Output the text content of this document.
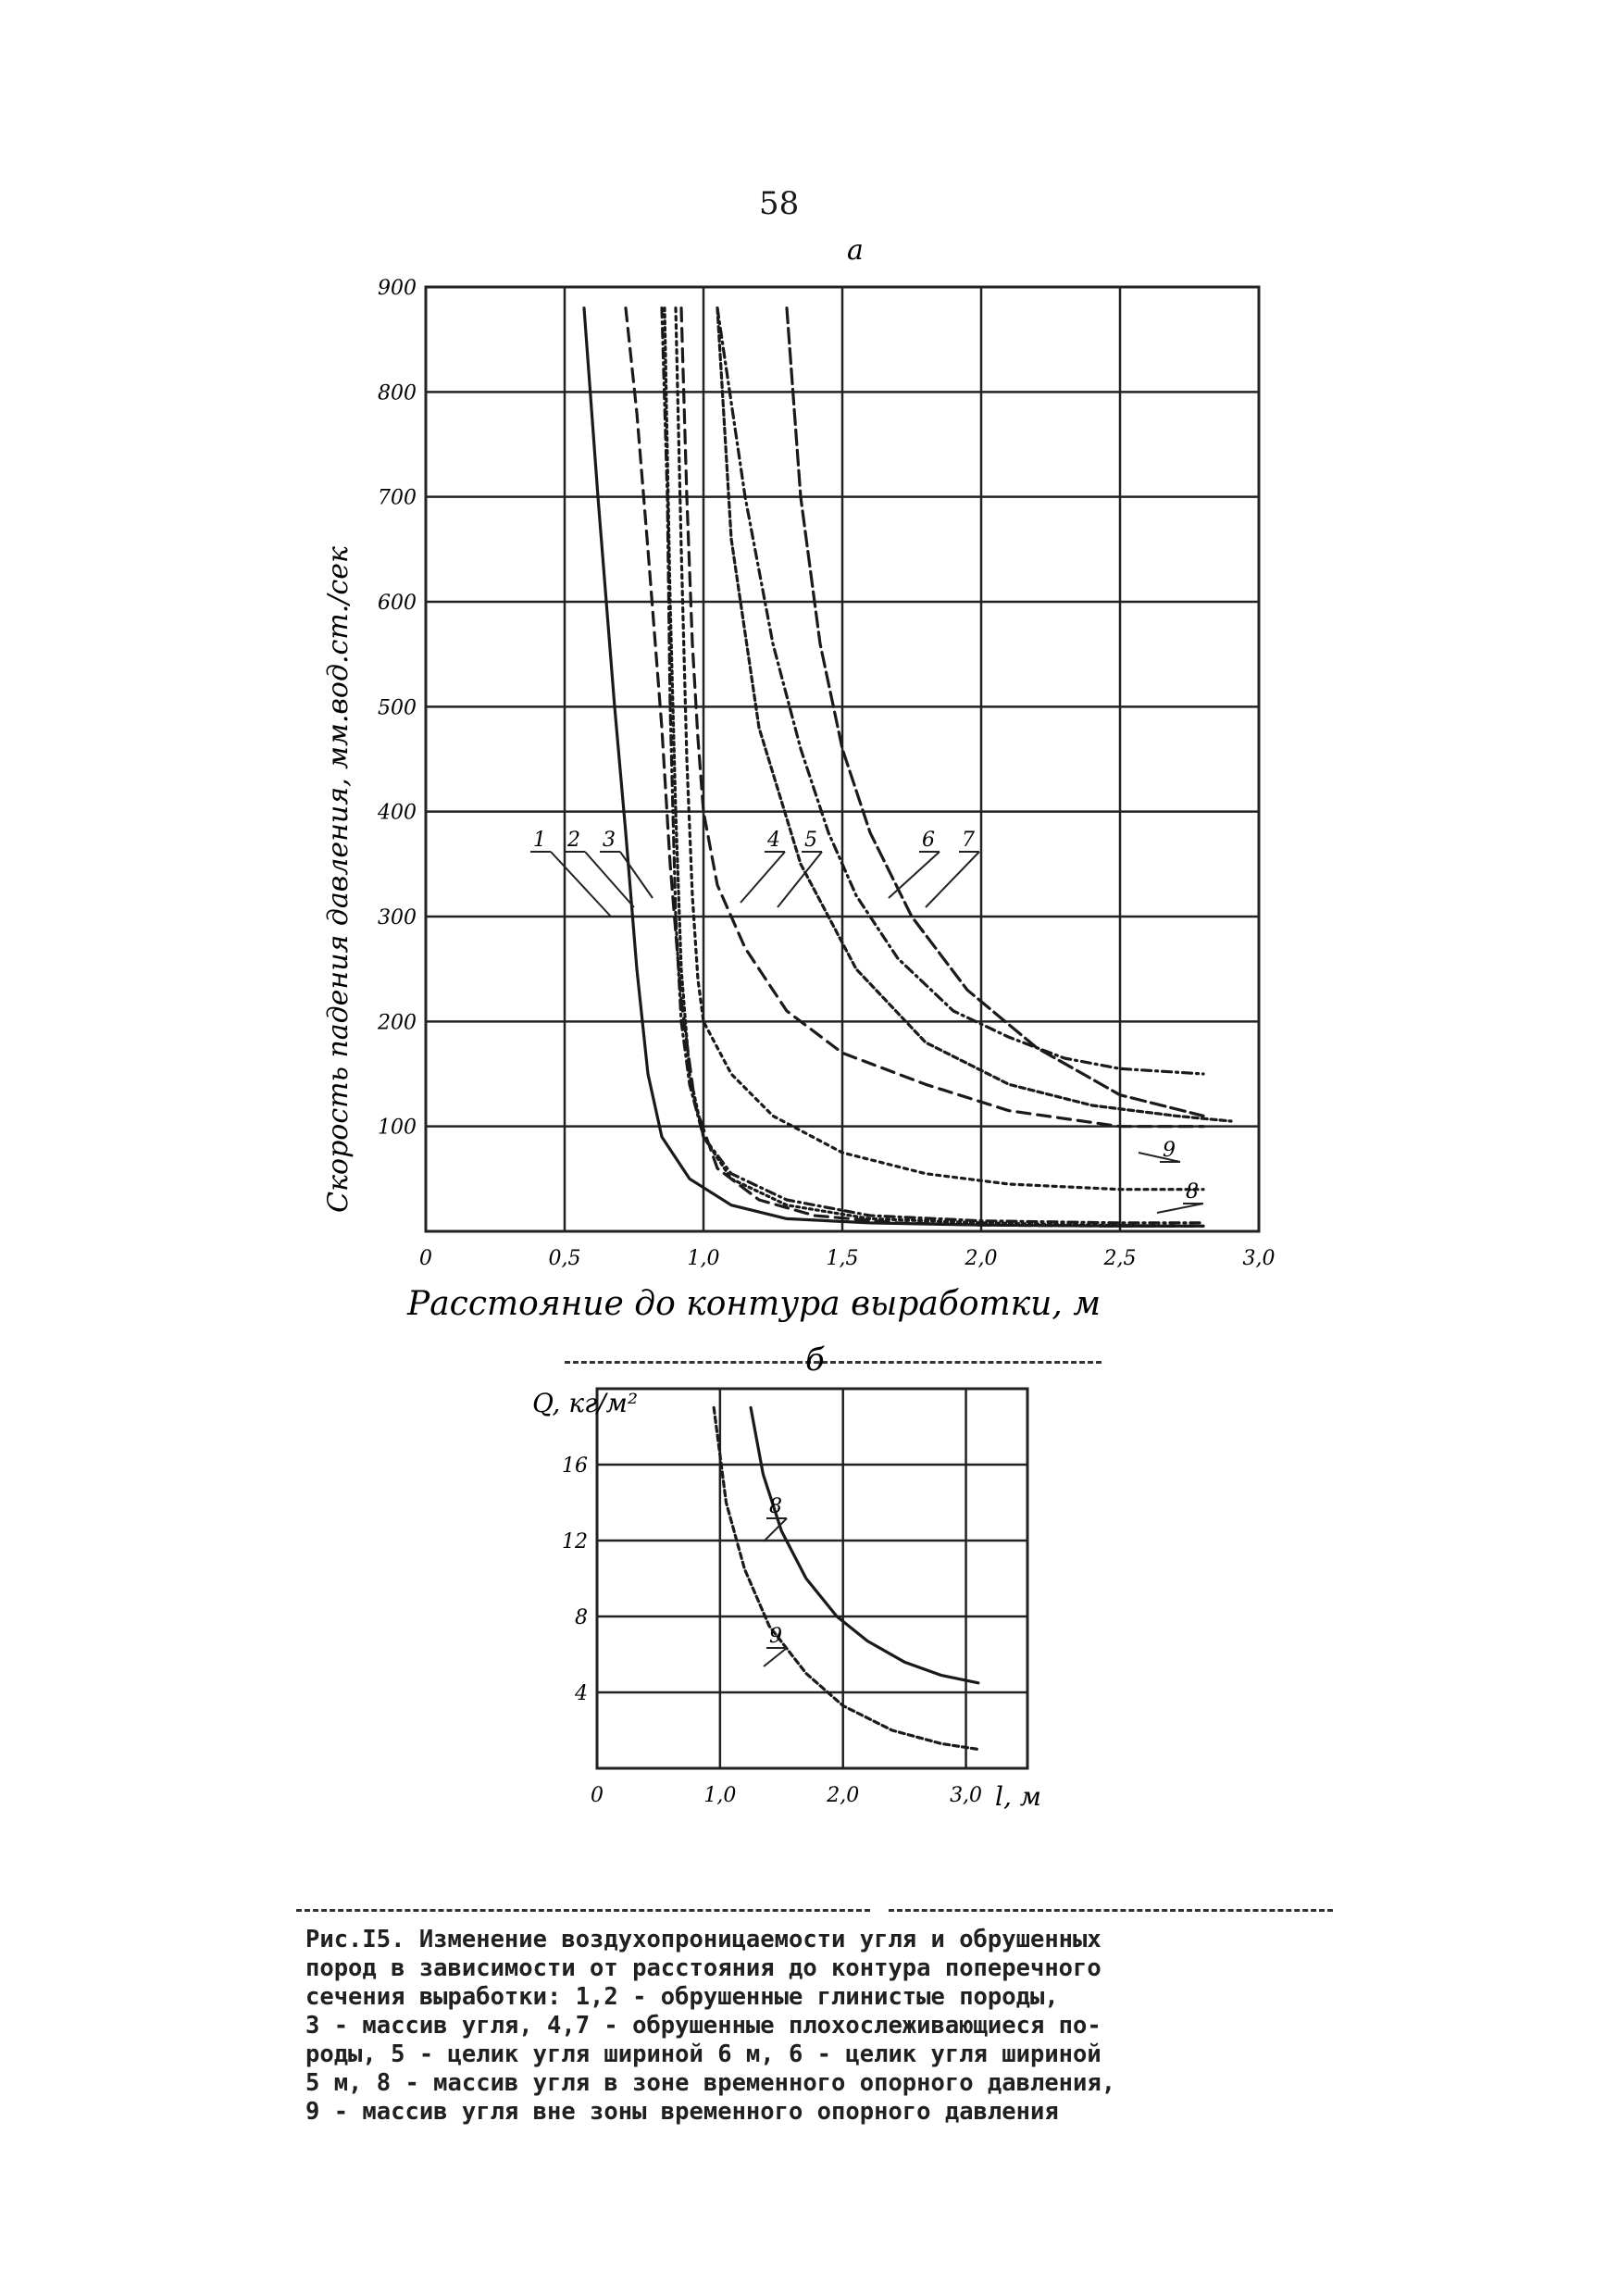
58
0	0,5	1,0	1,5	2,0	2,5	3,0
100
200
300
400
500
600
700
800
900
1 2 3	4 5	6 7
8
9
a
Скорость падения давления, мм.вод.ст./сек
Расстояние до контура выработки, м
0	1,0	2,0	3,0
4
8
12
16
8
9
б
Q, кг/м²
l, м
Рис.I5. Изменение воздухопроницаемости угля и обрушенных
пород в зависимости от расстояния до контура поперечного
сечения выработки: 1,2 - обрушенные глинистые породы,
3 - массив угля, 4,7 - обрушенные плохослеживающиеся по-
роды, 5 - целик угля шириной 6 м, 6 - целик угля шириной
5 м, 8 - массив угля в зоне временного опорного давления,
9 - массив угля вне зоны временного опорного давления
